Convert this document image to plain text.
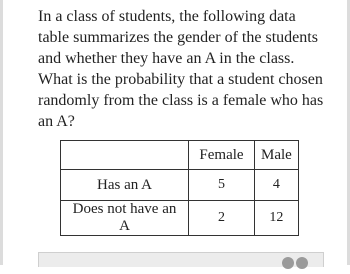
In a class of students, the following data table summarizes the gender of the students and whether they have an A in the class. What is the probability that a student chosen randomly from the class is a female who has an A?

	Female	Male
Has an A	5	4
Does not have an A	2	12
